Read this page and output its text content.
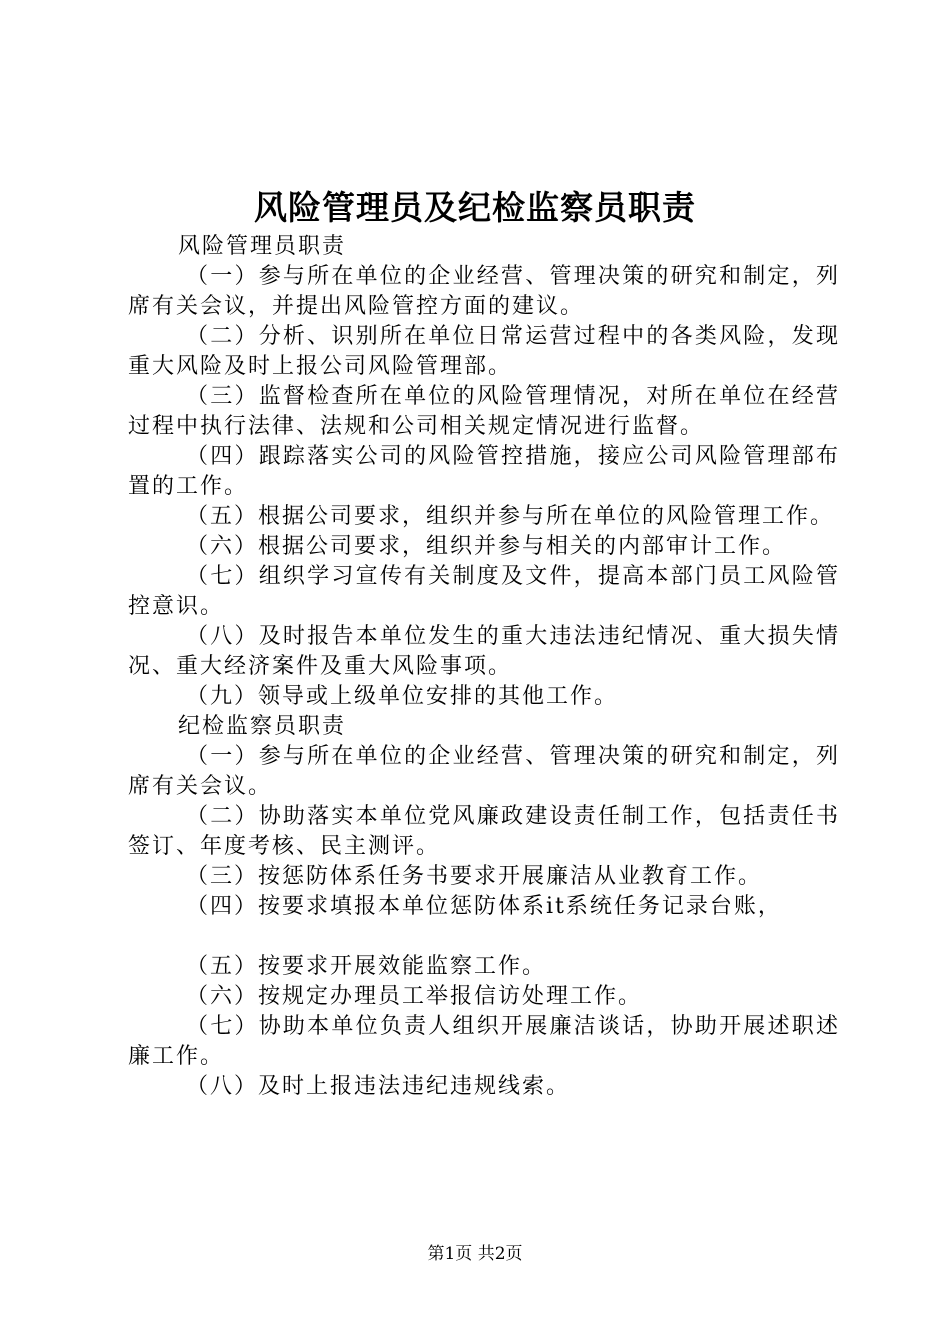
风险管理员及纪检监察员职责

风险管理员职责

（一）参与所在单位的企业经营、管理决策的研究和制定，列席有关会议，并提出风险管控方面的建议。

（二）分析、识别所在单位日常运营过程中的各类风险，发现重大风险及时上报公司风险管理部。

（三）监督检查所在单位的风险管理情况，对所在单位在经营过程中执行法律、法规和公司相关规定情况进行监督。

（四）跟踪落实公司的风险管控措施，接应公司风险管理部布置的工作。

（五）根据公司要求，组织并参与所在单位的风险管理工作。

（六）根据公司要求，组织并参与相关的内部审计工作。

（七）组织学习宣传有关制度及文件，提高本部门员工风险管控意识。

（八）及时报告本单位发生的重大违法违纪情况、重大损失情况、重大经济案件及重大风险事项。

（九）领导或上级单位安排的其他工作。

纪检监察员职责

（一）参与所在单位的企业经营、管理决策的研究和制定，列席有关会议。

（二）协助落实本单位党风廉政建设责任制工作，包括责任书签订、年度考核、民主测评。

（三）按惩防体系任务书要求开展廉洁从业教育工作。

（四）按要求填报本单位惩防体系it系统任务记录台账，

（五）按要求开展效能监察工作。

（六）按规定办理员工举报信访处理工作。

（七）协助本单位负责人组织开展廉洁谈话，协助开展述职述廉工作。

（八）及时上报违法违纪违规线索。

第1页 共2页
